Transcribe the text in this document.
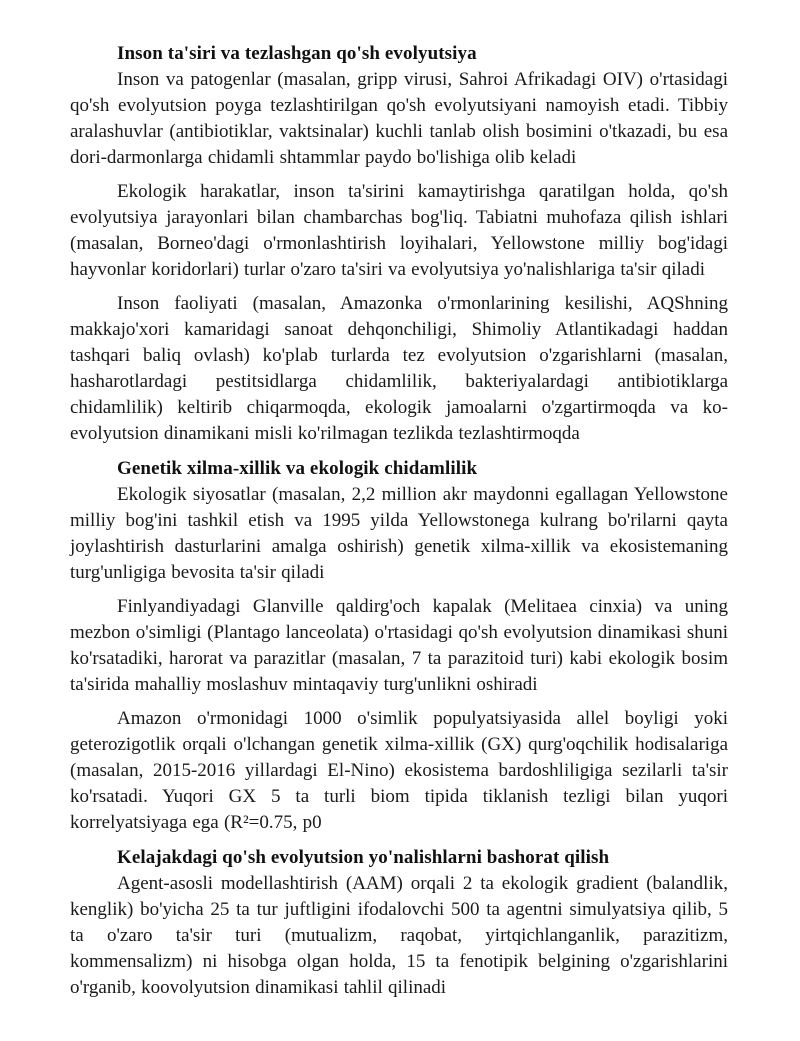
Inson ta'siri va tezlashgan qo'sh evolyutsiya

Inson va patogenlar (masalan, gripp virusi, Sahroi Afrikadagi OIV) o'rtasidagi qo'sh evolyutsion poyga tezlashtirilgan qo'sh evolyutsiyani namoyish etadi. Tibbiy aralashuvlar (antibiotiklar, vaktsinalar) kuchli tanlab olish bosimini o'tkazadi, bu esa dori-darmonlarga chidamli shtammlar paydo bo'lishiga olib keladi

Ekologik harakatlar, inson ta'sirini kamaytirishga qaratilgan holda, qo'sh evolyutsiya jarayonlari bilan chambarchas bog'liq. Tabiatni muhofaza qilish ishlari (masalan, Borneo'dagi o'rmonlashtirish loyihalari, Yellowstone milliy bog'idagi hayvonlar koridorlari) turlar o'zaro ta'siri va evolyutsiya yo'nalishlariga ta'sir qiladi

Inson faoliyati (masalan, Amazonka o'rmonlarining kesilishi, AQShning makkajo'xori kamaridagi sanoat dehqonchiligi, Shimoliy Atlantikadagi haddan tashqari baliq ovlash) ko'plab turlarda tez evolyutsion o'zgarishlarni (masalan, hasharotlardagi pestitsidlarga chidamlilik, bakteriyalardagi antibiotiklarga chidamlilik) keltirib chiqarmoqda, ekologik jamoalarni o'zgartirmoqda va ko-evolyutsion dinamikani misli ko'rilmagan tezlikda tezlashtirmoqda

Genetik xilma-xillik va ekologik chidamlilik

Ekologik siyosatlar (masalan, 2,2 million akr maydonni egallagan Yellowstone milliy bog'ini tashkil etish va 1995 yilda Yellowstonega kulrang bo'rilarni qayta joylashtirish dasturlarini amalga oshirish) genetik xilma-xillik va ekosistemaning turg'unligiga bevosita ta'sir qiladi

Finlyandiyadagi Glanville qaldirg'och kapalak (Melitaea cinxia) va uning mezbon o'simligi (Plantago lanceolata) o'rtasidagi qo'sh evolyutsion dinamikasi shuni ko'rsatadiki, harorat va parazitlar (masalan, 7 ta parazitoid turi) kabi ekologik bosim ta'sirida mahalliy moslashuv mintaqaviy turg'unlikni oshiradi

Amazon o'rmonidagi 1000 o'simlik populyatsiyasida allel boyligi yoki geterozigotlik orqali o'lchangan genetik xilma-xillik (GX) qurg'oqchilik hodisalariga (masalan, 2015-2016 yillardagi El-Nino) ekosistema bardoshliligiga sezilarli ta'sir ko'rsatadi. Yuqori GX 5 ta turli biom tipida tiklanish tezligi bilan yuqori korrelyatsiyaga ega (R²=0.75, p0

Kelajakdagi qo'sh evolyutsion yo'nalishlarni bashorat qilish

Agent-asosli modellashtirish (AAM) orqali 2 ta ekologik gradient (balandlik, kenglik) bo'yicha 25 ta tur juftligini ifodalovchi 500 ta agentni simulyatsiya qilib, 5 ta o'zaro ta'sir turi (mutualizm, raqobat, yirtqichlanganlik, parazitizm, kommensalizm) ni hisobga olgan holda, 15 ta fenotipik belgining o'zgarishlarini o'rganib, koovolyutsion dinamikasi tahlil qilinadi
